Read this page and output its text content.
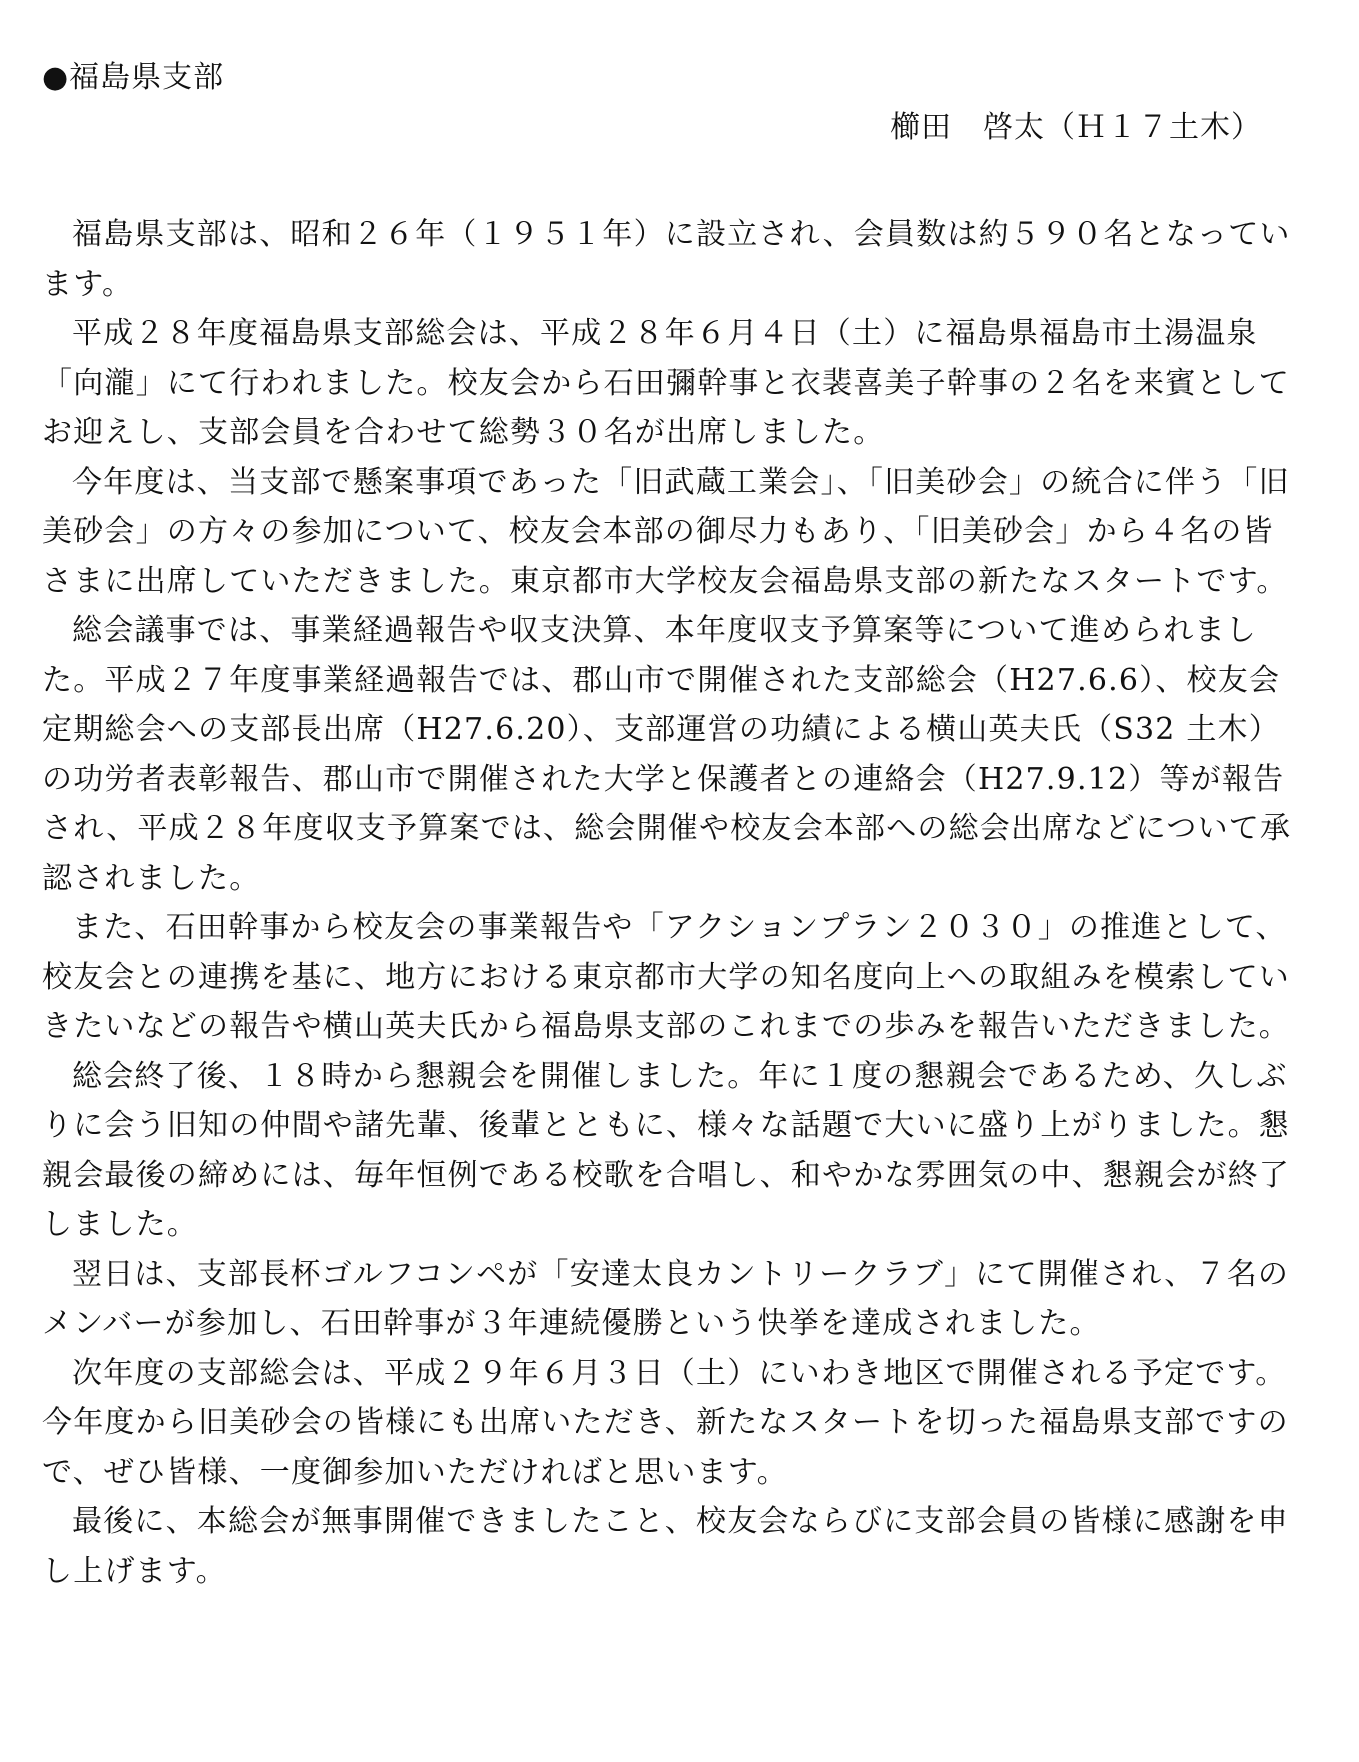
●福島県支部
櫛田　啓太（Ｈ１７土木）

福島県支部は、昭和２６年（１９５１年）に設立され、会員数は約５９０名となっています。

平成２８年度福島県支部総会は、平成２８年６月４日（土）に福島県福島市土湯温泉「向瀧」にて行われました。校友会から石田彌幹事と衣裴喜美子幹事の２名を来賓としてお迎えし、支部会員を合わせて総勢３０名が出席しました。

今年度は、当支部で懸案事項であった「旧武蔵工業会」、「旧美砂会」の統合に伴う「旧美砂会」の方々の参加について、校友会本部の御尽力もあり、「旧美砂会」から４名の皆さまに出席していただきました。東京都市大学校友会福島県支部の新たなスタートです。

総会議事では、事業経過報告や収支決算、本年度収支予算案等について進められました。平成２７年度事業経過報告では、郡山市で開催された支部総会（H27.6.6）、校友会定期総会への支部長出席（H27.6.20）、支部運営の功績による横山英夫氏（S32 土木）の功労者表彰報告、郡山市で開催された大学と保護者との連絡会（H27.9.12）等が報告され、平成２８年度収支予算案では、総会開催や校友会本部への総会出席などについて承認されました。

また、石田幹事から校友会の事業報告や「アクションプラン２０３０」の推進として、校友会との連携を基に、地方における東京都市大学の知名度向上への取組みを模索していきたいなどの報告や横山英夫氏から福島県支部のこれまでの歩みを報告いただきました。

総会終了後、１８時から懇親会を開催しました。年に１度の懇親会であるため、久しぶりに会う旧知の仲間や諸先輩、後輩とともに、様々な話題で大いに盛り上がりました。懇親会最後の締めには、毎年恒例である校歌を合唱し、和やかな雰囲気の中、懇親会が終了しました。

翌日は、支部長杯ゴルフコンペが「安達太良カントリークラブ」にて開催され、７名のメンバーが参加し、石田幹事が３年連続優勝という快挙を達成されました。

次年度の支部総会は、平成２９年６月３日（土）にいわき地区で開催される予定です。今年度から旧美砂会の皆様にも出席いただき、新たなスタートを切った福島県支部ですので、ぜひ皆様、一度御参加いただければと思います。

最後に、本総会が無事開催できましたこと、校友会ならびに支部会員の皆様に感謝を申し上げます。
